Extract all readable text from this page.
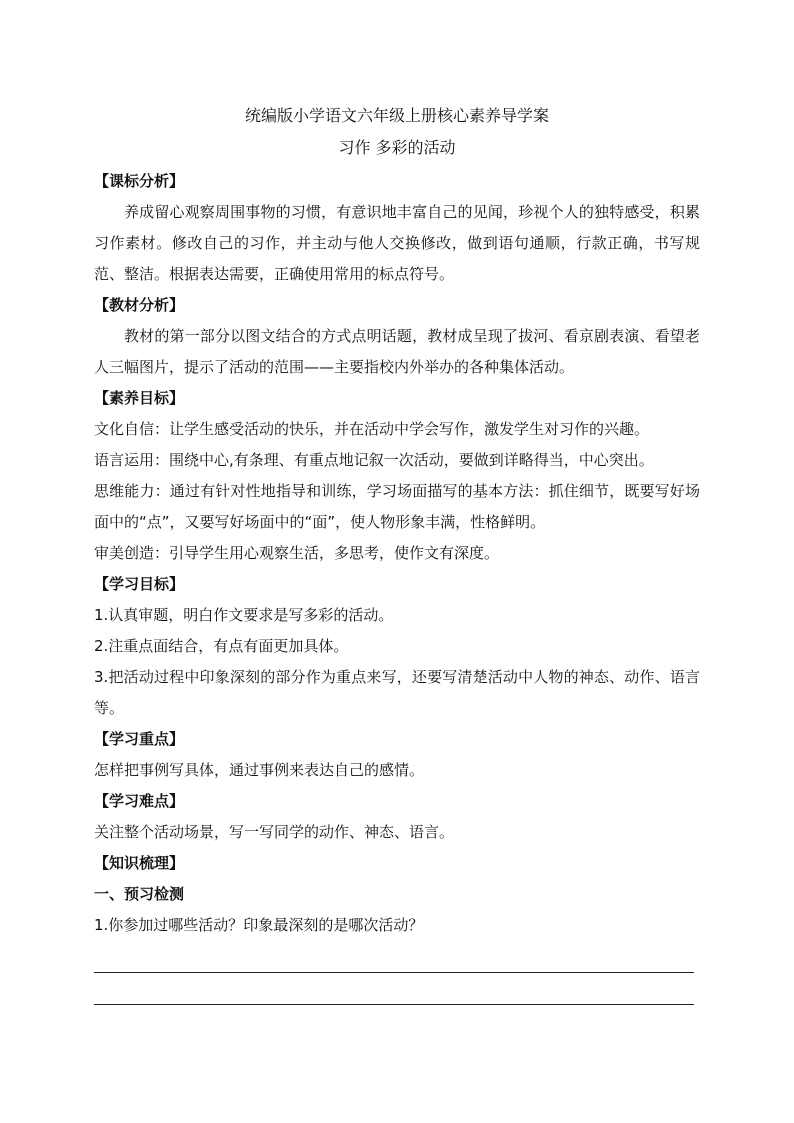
统编版小学语文六年级上册核心素养导学案
习作 多彩的活动

【课标分析】

养成留心观察周围事物的习惯，有意识地丰富自己的见闻，珍视个人的独特感受，积累习作素材。修改自己的习作，并主动与他人交换修改，做到语句通顺，行款正确，书写规范、整洁。根据表达需要，正确使用常用的标点符号。

【教材分析】

教材的第一部分以图文结合的方式点明话题，教材成呈现了拔河、看京剧表演、看望老人三幅图片，提示了活动的范围——主要指校内外举办的各种集体活动。

【素养目标】

文化自信：让学生感受活动的快乐，并在活动中学会写作，激发学生对习作的兴趣。

语言运用：围绕中心,有条理、有重点地记叙一次活动，要做到详略得当，中心突出。

思维能力：通过有针对性地指导和训练，学习场面描写的基本方法：抓住细节，既要写好场面中的“点”，又要写好场面中的“面”，使人物形象丰满，性格鲜明。

审美创造：引导学生用心观察生活，多思考，使作文有深度。

【学习目标】

1.认真审题，明白作文要求是写多彩的活动。

2.注重点面结合，有点有面更加具体。

3.把活动过程中印象深刻的部分作为重点来写，还要写清楚活动中人物的神态、动作、语言等。

【学习重点】

怎样把事例写具体，通过事例来表达自己的感情。

【学习难点】

关注整个活动场景，写一写同学的动作、神态、语言。

【知识梳理】

一、预习检测

1.你参加过哪些活动？印象最深刻的是哪次活动？
